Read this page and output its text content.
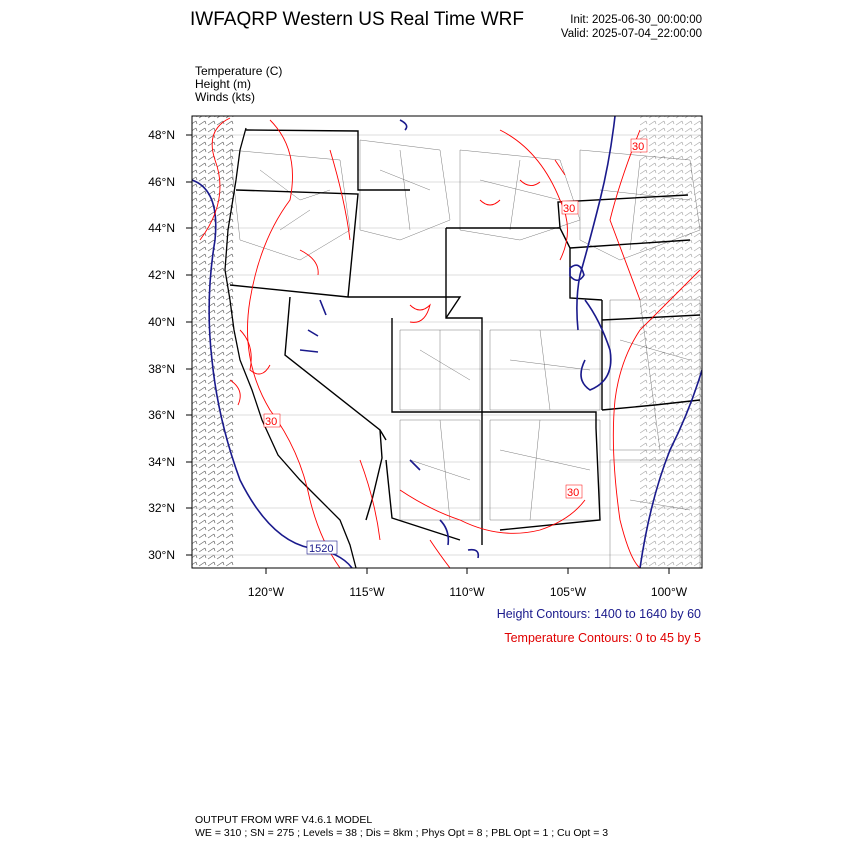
IWFAQRP Western US Real Time WRF	Init: 2025-06-30_00:00:00
Valid: 2025-07-04_22:00:00
Temperature (C)
Height (m)
Winds (kts)
1520
30
30
30
30
48°N
46°N
44°N
42°N
40°N
38°N
36°N
34°N
32°N
30°N
120°W	115°W	110°W	105°W	100°W
Height Contours: 1400 to 1640 by 60
Temperature Contours: 0 to 45 by 5
OUTPUT FROM WRF V4.6.1 MODEL
WE = 310 ; SN = 275 ; Levels = 38 ; Dis = 8km ; Phys Opt = 8 ; PBL Opt = 1 ; Cu Opt = 3
